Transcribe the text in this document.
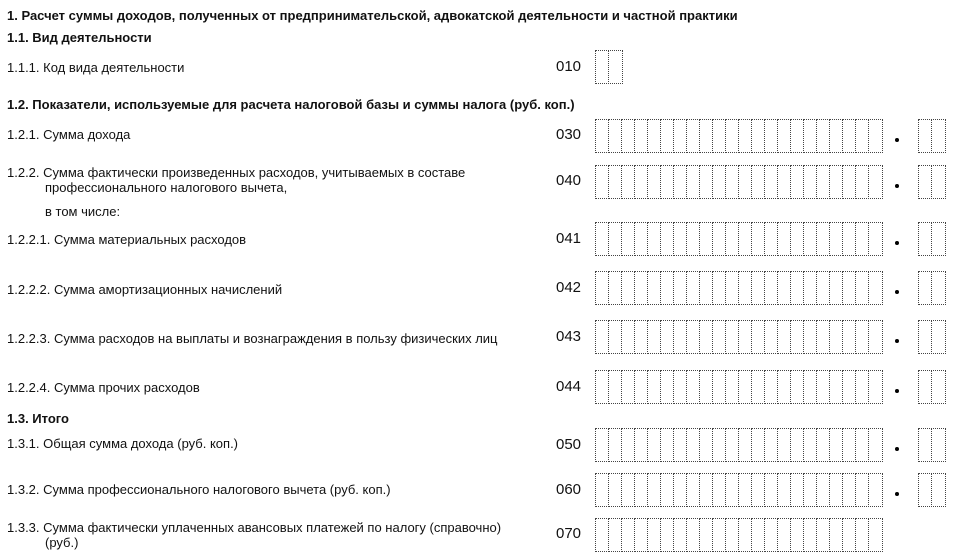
1. Расчет суммы доходов, полученных от предпринимательской, адвокатской деятельности и частной практики
1.1. Вид деятельности
1.1.1. Код вида деятельности	010
1.2. Показатели, используемые для расчета налоговой базы и суммы налога (руб. коп.)
1.2.1. Сумма дохода	030
1.2.2. Сумма фактически произведенных расходов, учитываемых в составе
профессионального налогового вычета,	040
в том числе:
1.2.2.1. Сумма материальных расходов	041
1.2.2.2. Сумма амортизационных начислений	042
1.2.2.3. Сумма расходов на выплаты и вознаграждения в пользу физических лиц	043
1.2.2.4. Сумма прочих расходов	044
1.3. Итого
1.3.1. Общая сумма дохода (руб. коп.)	050
1.3.2. Сумма профессионального налогового вычета (руб. коп.)	060
1.3.3. Сумма фактически уплаченных авансовых платежей по налогу (справочно)
(руб.)
070
